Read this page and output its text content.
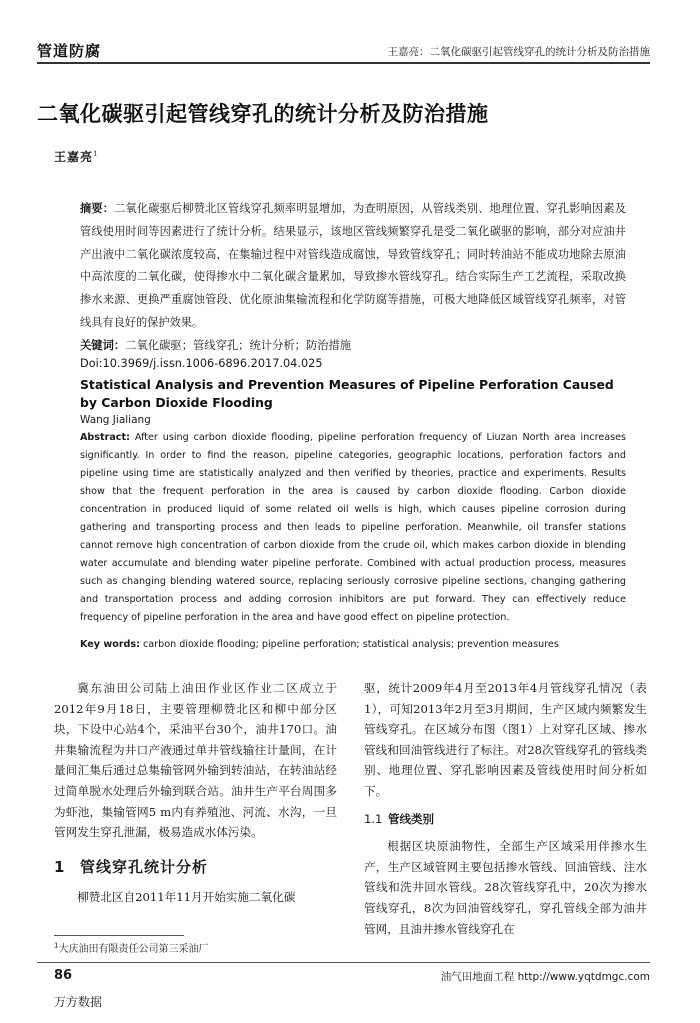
管道防腐	王嘉亮：二氧化碳驱引起管线穿孔的统计分析及防治措施
二氧化碳驱引起管线穿孔的统计分析及防治措施
王嘉亮$^1$
摘要：二氧化碳驱后柳赞北区管线穿孔频率明显增加，为查明原因，从管线类别、地理位置、穿孔影响因素及管线使用时间等因素进行了统计分析。结果显示，该地区管线频繁穿孔是受二氧化碳驱的影响，部分对应油井产出液中二氧化碳浓度较高，在集输过程中对管线造成腐蚀，导致管线穿孔；同时转油站不能成功地除去原油中高浓度的二氧化碳，使得掺水中二氧化碳含量累加，导致掺水管线穿孔。结合实际生产工艺流程，采取改换掺水来源、更换严重腐蚀管段、优化原油集输流程和化学防腐等措施，可极大地降低区域管线穿孔频率，对管线具有良好的保护效果。
关键词：二氧化碳驱；管线穿孔；统计分析；防治措施
Doi:10.3969/j.issn.1006-6896.2017.04.025
Statistical Analysis and Prevention Measures of Pipeline Perforation Caused by Carbon Dioxide Flooding
Wang Jialiang
Abstract: After using carbon dioxide flooding, pipeline perforation frequency of Liuzan North area increases significantly. In order to find the reason, pipeline categories, geographic locations, perforation factors and pipeline using time are statistically analyzed and then verified by theories, practice and experiments. Results show that the frequent perforation in the area is caused by carbon dioxide flooding. Carbon dioxide concentration in produced liquid of some related oil wells is high, which causes pipeline corrosion during gathering and transporting process and then leads to pipeline perforation. Meanwhile, oil transfer stations cannot remove high concentration of carbon dioxide from the crude oil, which makes carbon dioxide in blending water accumulate and blending water pipeline perforate. Combined with actual production process, measures such as changing blending watered source, replacing seriously corrosive pipeline sections, changing gathering and transportation process and adding corrosion inhibitors are put forward. They can effectively reduce frequency of pipeline perforation in the area and have good effect on pipeline protection.
Key words: carbon dioxide flooding; pipeline perforation; statistical analysis; prevention measures

冀东油田公司陆上油田作业区作业二区成立于2012年9月18日，主要管理柳赞北区和柳中部分区块，下设中心站4个，采油平台30个，油井170口。油井集输流程为井口产液通过单井管线输往计量间，在计量间汇集后通过总集输管网外输到转油站，在转油站经过简单脱水处理后外输到联合站。油井生产平台周围多为虾池，集输管网5 m内有养殖池、河流、水沟，一旦管网发生穿孔泄漏，极易造成水体污染。

1 管线穿孔统计分析

柳赞北区自2011年11月开始实施二氧化碳

驱，统计2009年4月至2013年4月管线穿孔情况（表1），可知2013年2月至3月期间，生产区域内频繁发生管线穿孔。在区域分布图（图1）上对穿孔区域、掺水管线和回油管线进行了标注。对28次管线穿孔的管线类别、地理位置、穿孔影响因素及管线使用时间分析如下。

1.1 管线类别

根据区块原油物性，全部生产区域采用伴掺水生产，生产区域管网主要包括掺水管线、回油管线、注水管线和洗井回水管线。28次管线穿孔中，20次为掺水管线穿孔，8次为回油管线穿孔，穿孔管线全部为油井管网，且油井掺水管线穿孔在

$^1$大庆油田有限责任公司第三采油厂
86	油气田地面工程 http://www.yqtdmgc.com
万方数据
